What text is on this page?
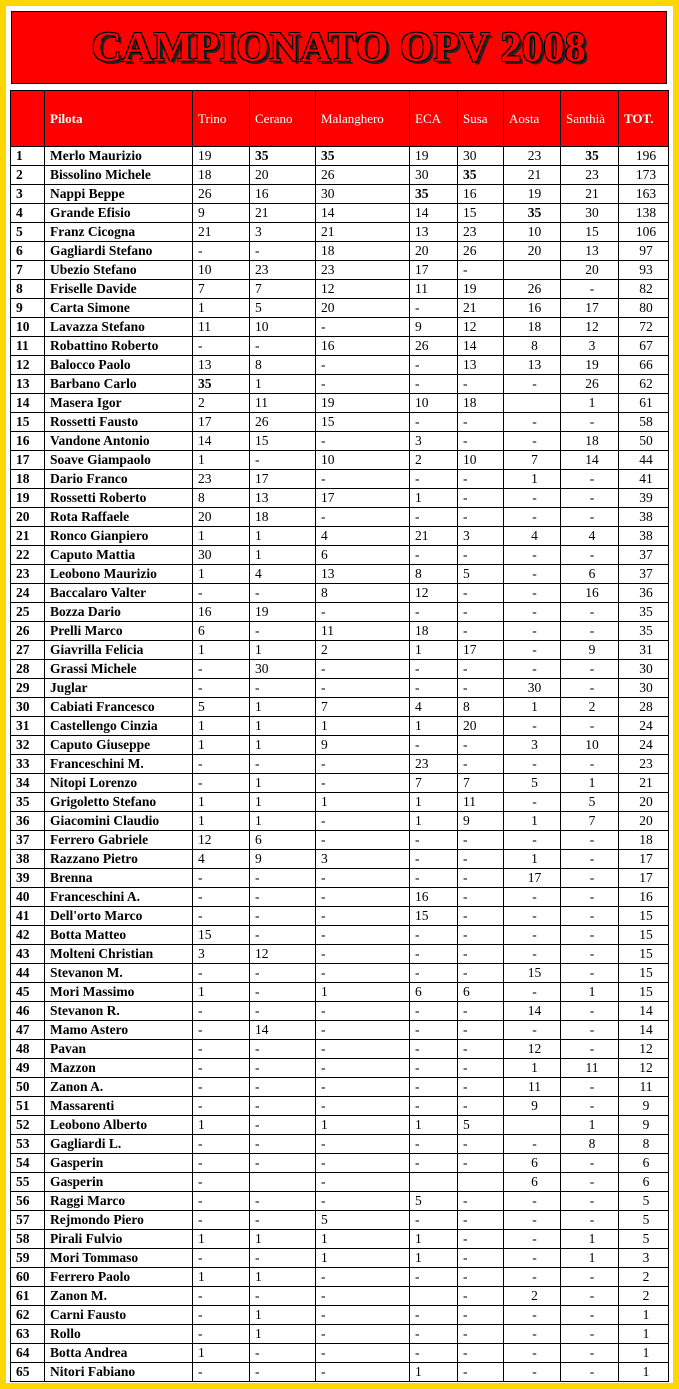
CAMPIONATO OPV 2008
	Pilota	Trino	Cerano	Malanghero	ECA	Susa	Aosta	Santhià	TOT.
1	Merlo Maurizio	19	35	35	19	30	23	35	196
2	Bissolino Michele	18	20	26	30	35	21	23	173
3	Nappi Beppe	26	16	30	35	16	19	21	163
4	Grande Efisio	9	21	14	14	15	35	30	138
5	Franz Cicogna	21	3	21	13	23	10	15	106
6	Gagliardi Stefano	-	-	18	20	26	20	13	97
7	Ubezio Stefano	10	23	23	17	-		20	93
8	Friselle Davide	7	7	12	11	19	26	-	82
9	Carta Simone	1	5	20	-	21	16	17	80
10	Lavazza Stefano	11	10	-	9	12	18	12	72
11	Robattino Roberto	-	-	16	26	14	8	3	67
12	Balocco Paolo	13	8	-	-	13	13	19	66
13	Barbano Carlo	35	1	-	-	-	-	26	62
14	Masera Igor	2	11	19	10	18		1	61
15	Rossetti Fausto	17	26	15	-	-	-	-	58
16	Vandone Antonio	14	15	-	3	-	-	18	50
17	Soave Giampaolo	1	-	10	2	10	7	14	44
18	Dario Franco	23	17	-	-	-	1	-	41
19	Rossetti Roberto	8	13	17	1	-	-	-	39
20	Rota Raffaele	20	18	-	-	-	-	-	38
21	Ronco Gianpiero	1	1	4	21	3	4	4	38
22	Caputo Mattia	30	1	6	-	-	-	-	37
23	Leobono Maurizio	1	4	13	8	5	-	6	37
24	Baccalaro Valter	-	-	8	12	-	-	16	36
25	Bozza Dario	16	19	-	-	-	-	-	35
26	Prelli Marco	6	-	11	18	-	-	-	35
27	Giavrilla Felicia	1	1	2	1	17	-	9	31
28	Grassi Michele	-	30	-	-	-	-	-	30
29	Juglar	-	-	-	-	-	30	-	30
30	Cabiati Francesco	5	1	7	4	8	1	2	28
31	Castellengo Cinzia	1	1	1	1	20	-	-	24
32	Caputo Giuseppe	1	1	9	-	-	3	10	24
33	Franceschini M.	-	-	-	23	-	-	-	23
34	Nitopi Lorenzo	-	1	-	7	7	5	1	21
35	Grigoletto Stefano	1	1	1	1	11	-	5	20
36	Giacomini Claudio	1	1	-	1	9	1	7	20
37	Ferrero Gabriele	12	6	-	-	-	-	-	18
38	Razzano Pietro	4	9	3	-	-	1	-	17
39	Brenna	-	-	-	-	-	17	-	17
40	Franceschini A.	-	-	-	16	-	-	-	16
41	Dell'orto Marco	-	-	-	15	-	-	-	15
42	Botta Matteo	15	-	-	-	-	-	-	15
43	Molteni Christian	3	12	-	-	-	-	-	15
44	Stevanon M.	-	-	-	-	-	15	-	15
45	Mori Massimo	1	-	1	6	6	-	1	15
46	Stevanon R.	-	-	-	-	-	14	-	14
47	Mamo Astero	-	14	-	-	-	-	-	14
48	Pavan	-	-	-	-	-	12	-	12
49	Mazzon	-	-	-	-	-	1	11	12
50	Zanon A.	-	-	-	-	-	11	-	11
51	Massarenti	-	-	-	-	-	9	-	9
52	Leobono Alberto	1	-	1	1	5		1	9
53	Gagliardi L.	-	-	-	-	-	-	8	8
54	Gasperin	-	-	-	-	-	6	-	6
55	Gasperin	-		-			6	-	6
56	Raggi Marco	-	-	-	5	-	-	-	5
57	Rejmondo Piero	-	-	5	-	-	-	-	5
58	Pirali Fulvio	1	1	1	1	-	-	1	5
59	Mori Tommaso	-	-	1	1	-	-	1	3
60	Ferrero Paolo	1	1	-	-	-	-	-	2
61	Zanon M.	-	-	-		-	2	-	2
62	Carni Fausto	-	1	-	-	-	-	-	1
63	Rollo	-	1	-	-	-	-	-	1
64	Botta Andrea	1	-	-	-	-	-	-	1
65	Nitori Fabiano	-	-	-	1	-	-	-	1
